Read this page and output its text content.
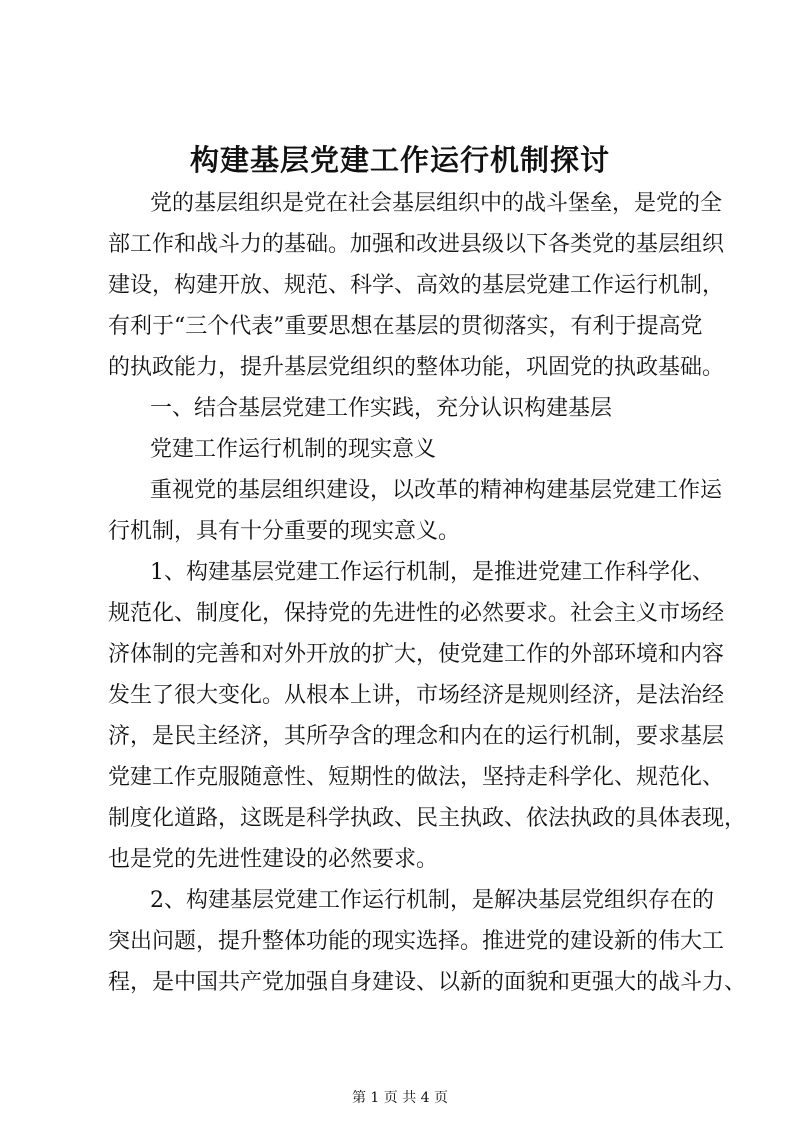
构建基层党建工作运行机制探讨
党的基层组织是党在社会基层组织中的战斗堡垒，是党的全
部工作和战斗力的基础。加强和改进县级以下各类党的基层组织
建设，构建开放、规范、科学、高效的基层党建工作运行机制，
有利于“三个代表”重要思想在基层的贯彻落实，有利于提高党
的执政能力，提升基层党组织的整体功能，巩固党的执政基础。
一、结合基层党建工作实践，充分认识构建基层
党建工作运行机制的现实意义
重视党的基层组织建设，以改革的精神构建基层党建工作运
行机制，具有十分重要的现实意义。
1、构建基层党建工作运行机制，是推进党建工作科学化、
规范化、制度化，保持党的先进性的必然要求。社会主义市场经
济体制的完善和对外开放的扩大，使党建工作的外部环境和内容
发生了很大变化。从根本上讲，市场经济是规则经济，是法治经
济，是民主经济，其所孕含的理念和内在的运行机制，要求基层
党建工作克服随意性、短期性的做法，坚持走科学化、规范化、
制度化道路，这既是科学执政、民主执政、依法执政的具体表现，
也是党的先进性建设的必然要求。
2、构建基层党建工作运行机制，是解决基层党组织存在的
突出问题，提升整体功能的现实选择。推进党的建设新的伟大工
程，是中国共产党加强自身建设、以新的面貌和更强大的战斗力、
第 1 页 共 4 页
